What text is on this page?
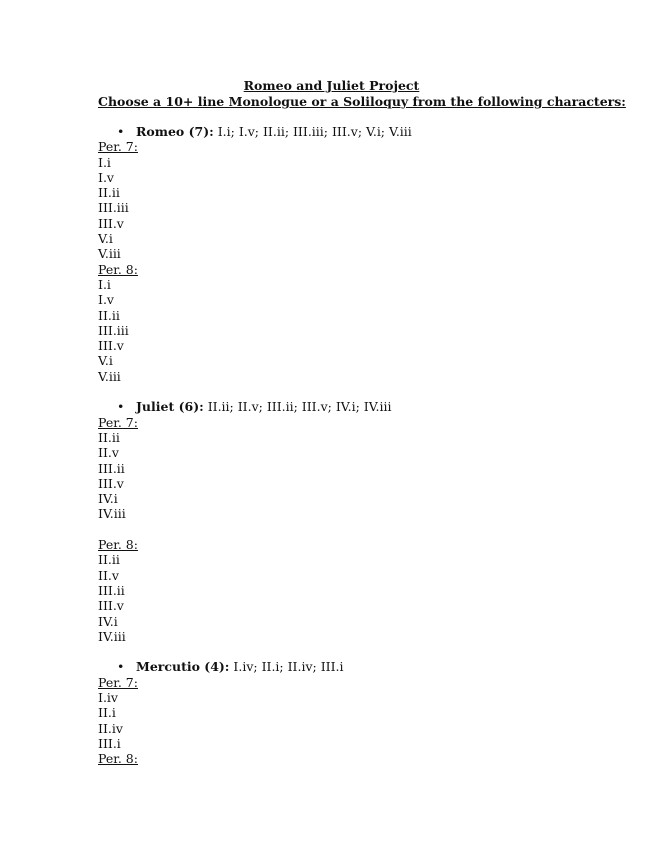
Romeo and Juliet Project
Choose a 10+ line Monologue or a Soliloquy from the following characters:
• Romeo (7): I.i; I.v; II.ii; III.iii; III.v; V.i; V.iii
Per. 7:
I.i
I.v
II.ii
III.iii
III.v
V.i
V.iii
Per. 8:
I.i
I.v
II.ii
III.iii
III.v
V.i
V.iii
• Juliet (6): II.ii; II.v; III.ii; III.v; IV.i; IV.iii
Per. 7:
II.ii
II.v
III.ii
III.v
IV.i
IV.iii
Per. 8:
II.ii
II.v
III.ii
III.v
IV.i
IV.iii
• Mercutio (4): I.iv; II.i; II.iv; III.i
Per. 7:
I.iv
II.i
II.iv
III.i
Per. 8:
